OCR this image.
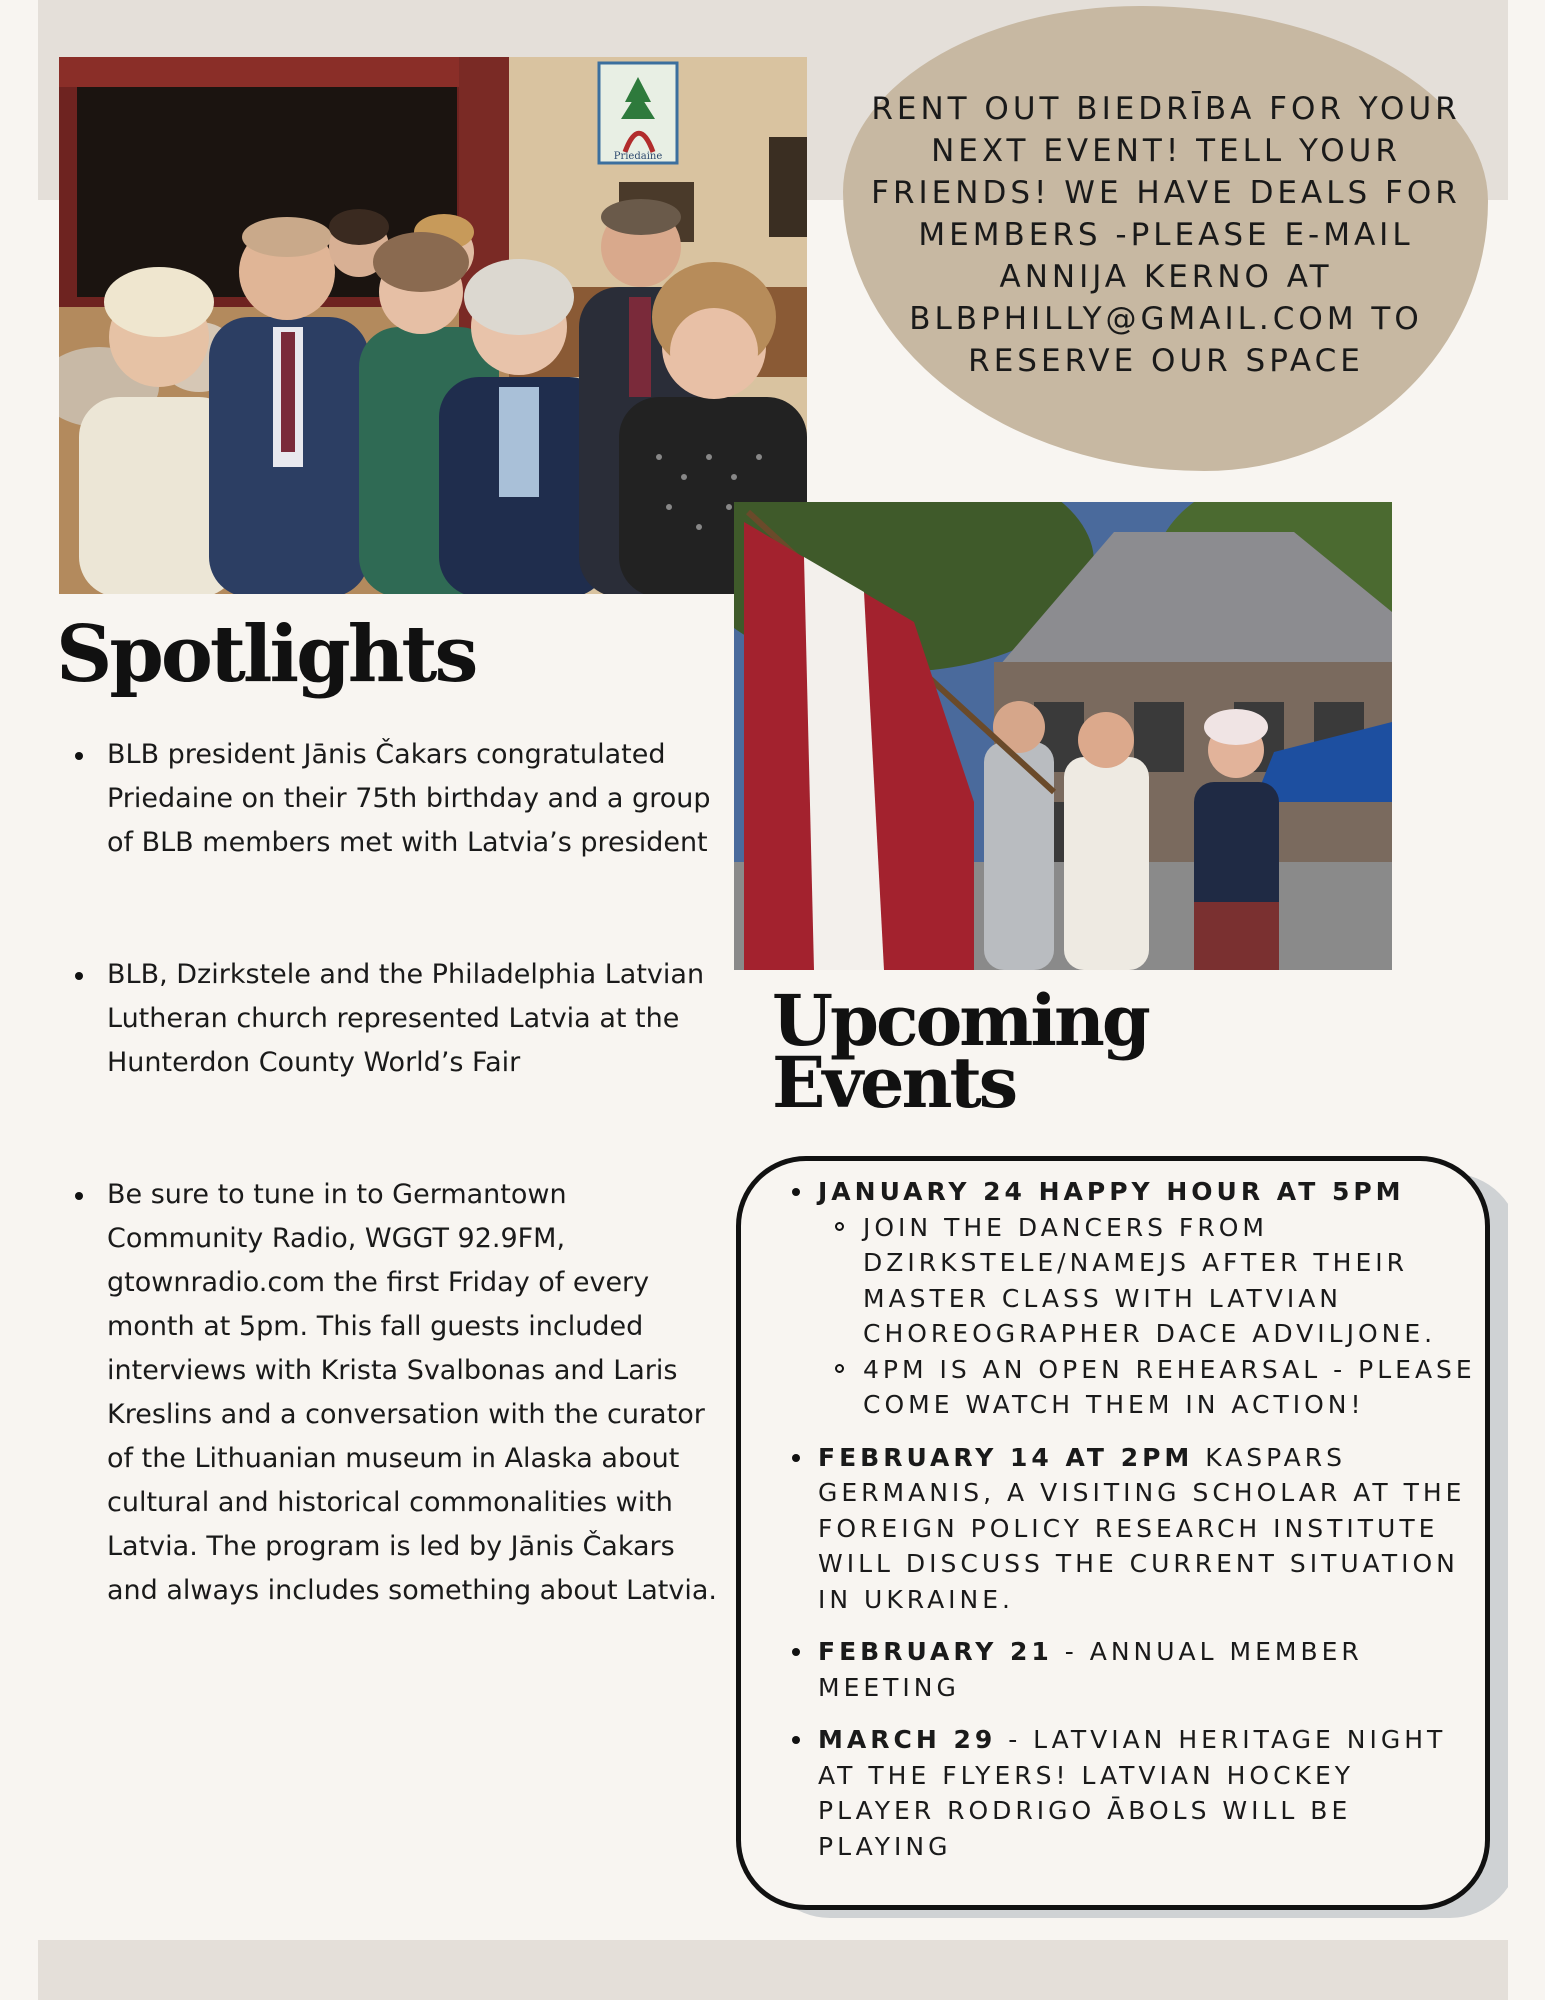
Priedaine
RENT OUT BIEDRĪBA FOR YOUR NEXT EVENT! TELL YOUR FRIENDS! WE HAVE DEALS FOR MEMBERS -PLEASE E-MAIL ANNIJA KERNO AT BLBPHILLY@GMAIL.COM TO RESERVE OUR SPACE
Spotlights
BLB president Jānis Čakars congratulated Priedaine on their 75th birthday and a group of BLB members met with Latvia’s president
BLB, Dzirkstele and the Philadelphia Latvian Lutheran church represented Latvia at the Hunterdon County World’s Fair
Be sure to tune in to Germantown Community Radio, WGGT 92.9FM, gtownradio.com the first Friday of every month at 5pm. This fall guests included interviews with Krista Svalbonas and Laris Kreslins and a conversation with the curator of the Lithuanian museum in Alaska about cultural and historical commonalities with Latvia. The program is led by Jānis Čakars and always includes something about Latvia.
Upcoming
Events
JANUARY 24 HAPPY HOUR AT 5PM
JOIN THE DANCERS FROM DZIRKSTELE/NAMEJS AFTER THEIR MASTER CLASS WITH LATVIAN CHOREOGRAPHER DACE ADVILJONE.
4PM IS AN OPEN REHEARSAL - PLEASE COME WATCH THEM IN ACTION!
FEBRUARY 14 AT 2PM KASPARS GERMANIS, A VISITING SCHOLAR AT THE FOREIGN POLICY RESEARCH INSTITUTE WILL DISCUSS THE CURRENT SITUATION IN UKRAINE.
FEBRUARY 21 - ANNUAL MEMBER MEETING
MARCH 29 - LATVIAN HERITAGE NIGHT AT THE FLYERS! LATVIAN HOCKEY PLAYER RODRIGO ĀBOLS WILL BE PLAYING
